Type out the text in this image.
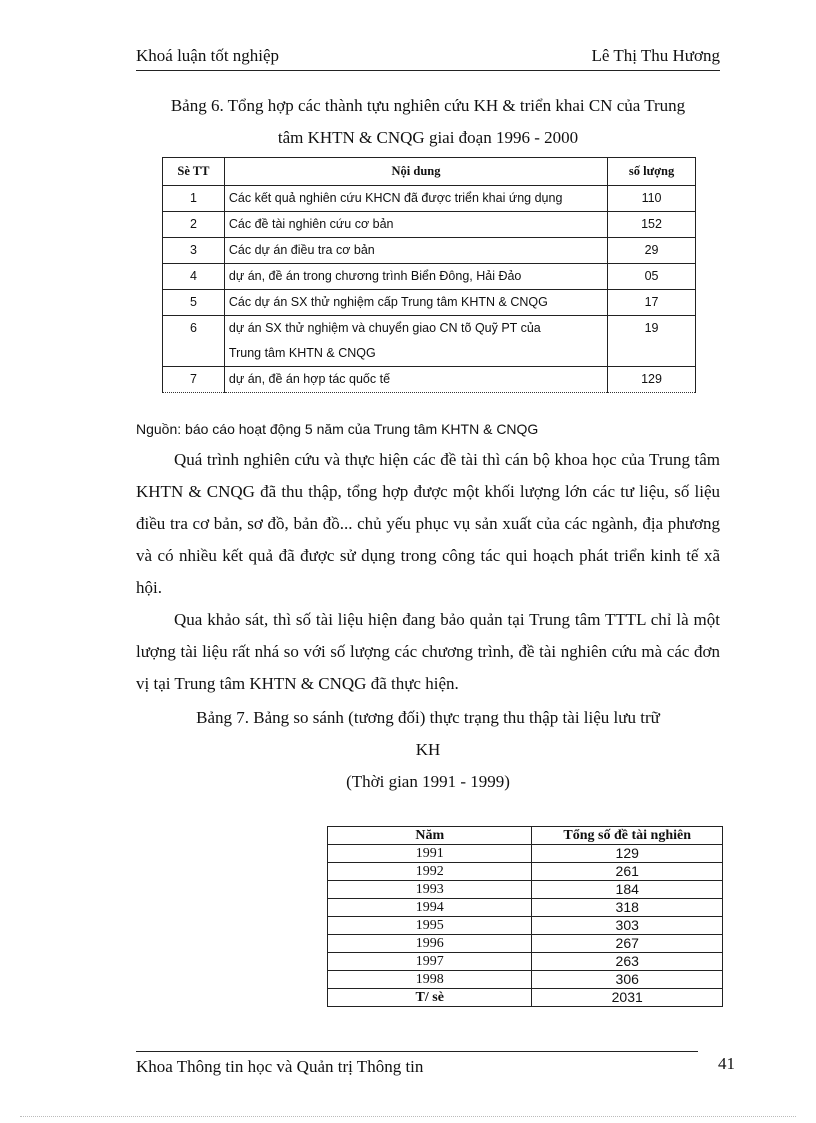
Khoá luận tốt nghiệp	Lê Thị Thu Hương
Bảng 6. Tổng hợp các thành tựu nghiên cứu KH & triển khai CN của Trung
tâm KHTN & CNQG giai đoạn 1996 - 2000
Sè TT	Nội dung	số lượng
1	Các kết quả nghiên cứu KHCN đã được triển khai ứng dụng	110
2	Các đề tài nghiên cứu cơ bản	152
3	Các dự án điều tra cơ bản	29
4	dự án, đề án trong chương trình Biển Đông, Hải Đảo	05
5	Các dự án SX thử nghiệm cấp Trung tâm KHTN & CNQG	17
6	dự án SX thử nghiệm và chuyển giao CN tõ Quỹ PT của
Trung tâm KHTN & CNQG	19
7	dự án, đề án hợp tác quốc tế	129
Nguồn: báo cáo hoạt động 5 năm của Trung tâm KHTN & CNQG

Quá trình nghiên cứu và thực hiện các đề tài thì cán bộ khoa học của Trung tâm KHTN & CNQG đã thu thập, tổng hợp được một khối lượng lớn các tư liệu, số liệu điều tra cơ bản, sơ đồ, bản đồ... chủ yếu phục vụ sản xuất của các ngành, địa phương và có nhiều kết quả đã được sử dụng trong công tác qui hoạch phát triển kinh tế xã hội.

Qua khảo sát, thì số tài liệu hiện đang bảo quản tại Trung tâm TTTL chỉ là một lượng tài liệu rất nhá so với số lượng các chương trình, đề tài nghiên cứu mà các đơn vị tại Trung tâm KHTN & CNQG đã thực hiện.

Bảng 7. Bảng so sánh (tương đối) thực trạng thu thập tài liệu lưu trữ
KH
(Thời gian 1991 - 1999)
Năm	Tổng số đề tài nghiên
1991	129
1992	261
1993	184
1994	318
1995	303
1996	267
1997	263
1998	306
T/ sè	2031
Khoa Thông tin học và Quản trị Thông tin	41
